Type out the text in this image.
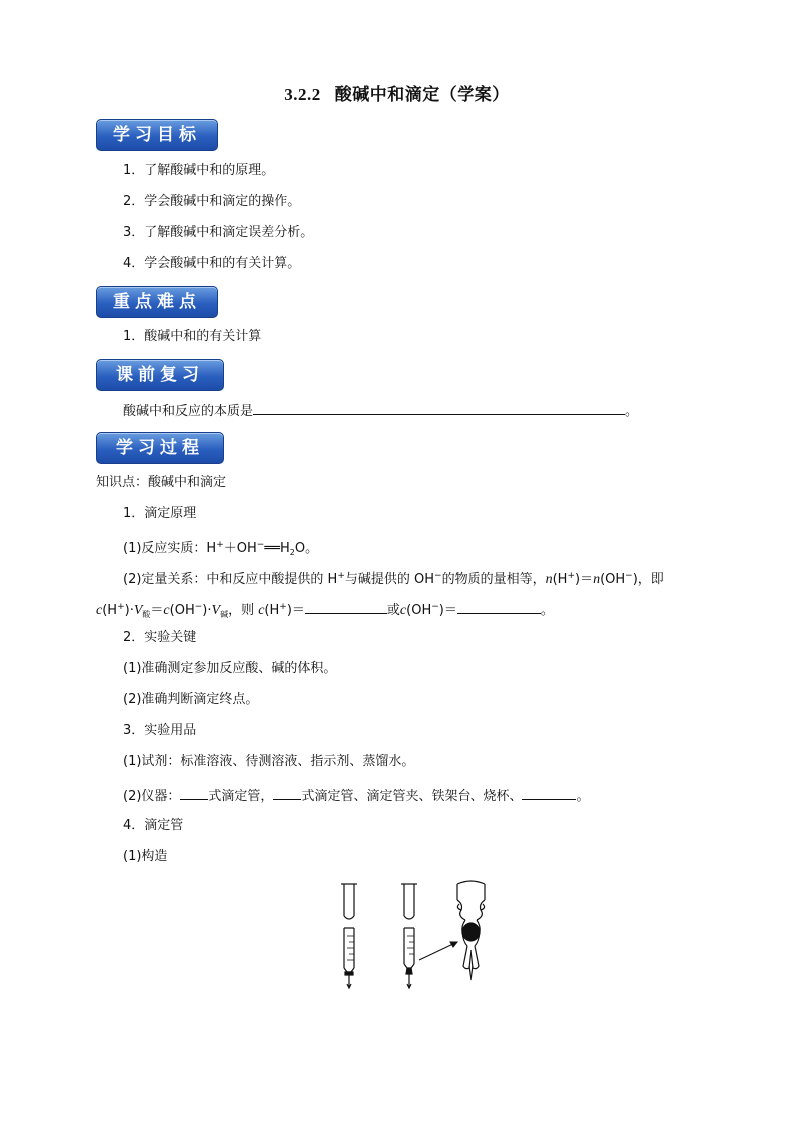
3.2.2 酸碱中和滴定（学案）
学习目标
1．了解酸碱中和的原理。
2．学会酸碱中和滴定的操作。
3．了解酸碱中和滴定误差分析。
4．学会酸碱中和的有关计算。
重点难点
1．酸碱中和的有关计算
课前复习
酸碱中和反应的本质是	。
学习过程
知识点：酸碱中和滴定
1．滴定原理
(1)反应实质：$H^++OH^-══H_2O$。
(2)定量关系：中和反应中酸提供的 H+与碱提供的 OH−的物质的量相等，n(H+)＝n(OH−)，即
$c(H^+)\cdot V_酸=c(OH^-)\cdot V_碱$，则 c(H+)＝	或c(OH−)＝	。
2．实验关键
(1)准确测定参加反应酸、碱的体积。
(2)准确判断滴定终点。
3．实验用品
(1)试剂：标准溶液、待测溶液、指示剂、蒸馏水。
(2)仪器： 式滴定管， 式滴定管、滴定管夹、铁架台、烧杯、	。
4．滴定管
(1)构造
